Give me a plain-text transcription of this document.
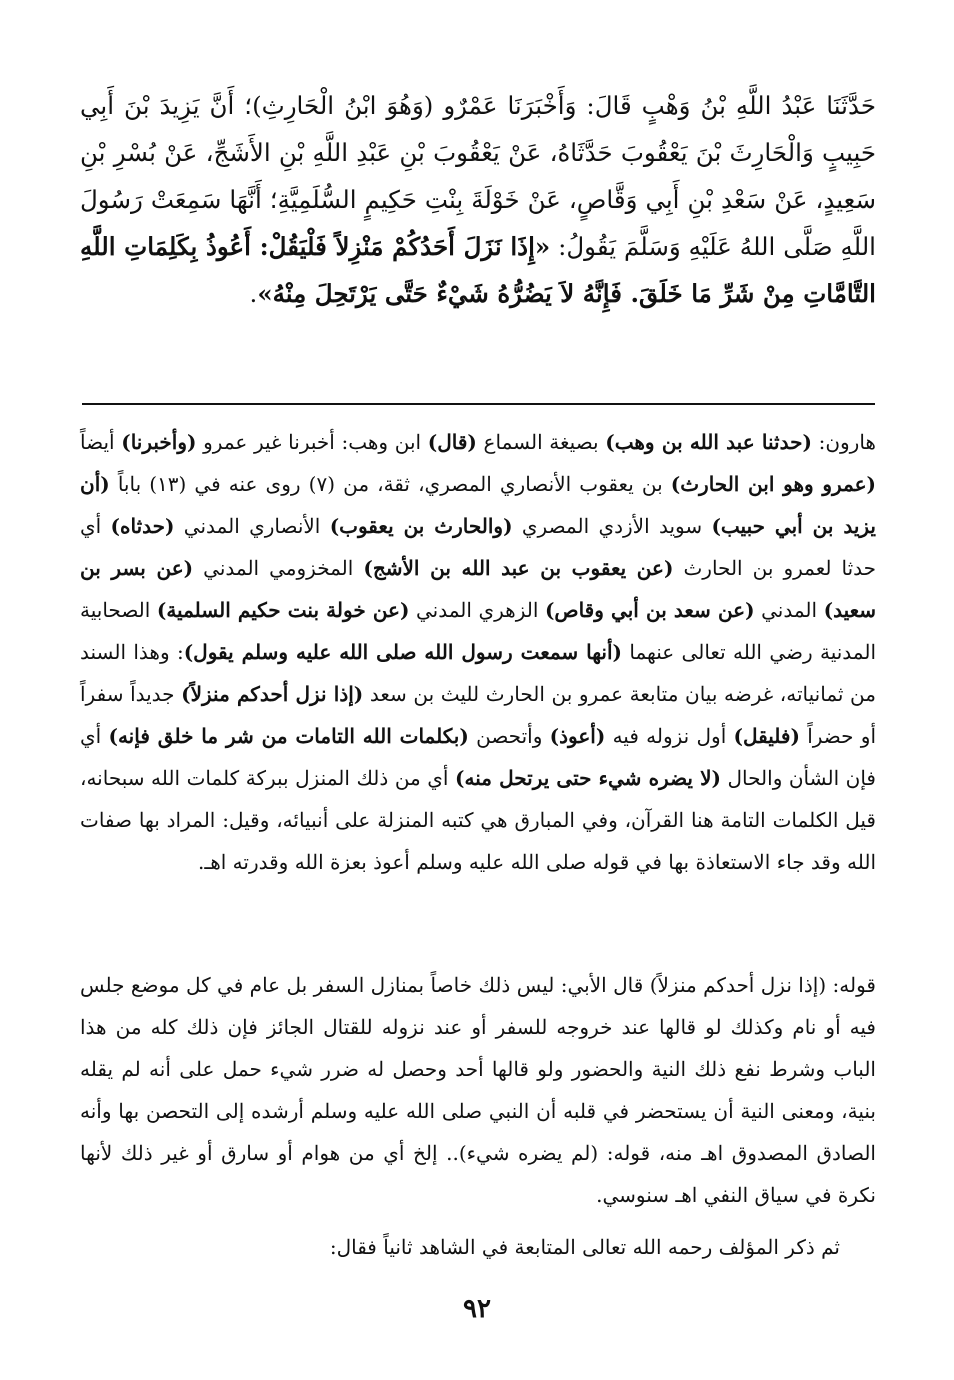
حَدَّثَنَا عَبْدُ اللَّهِ بْنُ وَهْبٍ قَالَ: وَأَخْبَرَنَا عَمْرٌو (وَهُوَ ابْنُ الْحَارِثِ)؛ أَنَّ يَزِيدَ بْنَ أَبِي حَبِيبٍ وَالْحَارِثَ بْنَ يَعْقُوبَ حَدَّثَاهُ، عَنْ يَعْقُوبَ بْنِ عَبْدِ اللَّهِ بْنِ الأَشَجِّ، عَنْ بُسْرِ بْنِ سَعِيدٍ، عَنْ سَعْدِ بْنِ أَبِي وَقَّاصٍ، عَنْ خَوْلَةَ بِنْتِ حَكِيمٍ السُّلَمِيَّةِ؛ أَنَّهَا سَمِعَتْ رَسُولَ اللَّهِ صَلَّى اللهُ عَلَيْهِ وَسَلَّمَ يَقُولُ: «إِذَا نَزَلَ أَحَدُكُمْ مَنْزِلاً فَلْيَقُلْ: أَعُوذُ بِكَلِمَاتِ اللَّهِ التَّامَّاتِ مِنْ شَرِّ مَا خَلَقَ. فَإِنَّهُ لاَ يَضُرُّهُ شَيْءٌ حَتَّى يَرْتَحِلَ مِنْهُ».
هارون: (حدثنا عبد الله بن وهب) بصيغة السماع (قال) ابن وهب: أخبرنا غير عمرو (وأخبرنا) أيضاً (عمرو وهو ابن الحارث) بن يعقوب الأنصاري المصري، ثقة، من (٧) روى عنه في (١٣) باباً (أن يزيد بن أبي حبيب) سويد الأزدي المصري (والحارث بن يعقوب) الأنصاري المدني (حدثاه) أي حدثا لعمرو بن الحارث (عن يعقوب بن عبد الله بن الأشج) المخزومي المدني (عن بسر بن سعيد) المدني (عن سعد بن أبي وقاص) الزهري المدني (عن خولة بنت حكيم السلمية) الصحابية المدنية رضي الله تعالى عنهما (أنها سمعت رسول الله صلى الله عليه وسلم يقول): وهذا السند من ثمانياته، غرضه بيان متابعة عمرو بن الحارث لليث بن سعد (إذا نزل أحدكم منزلاً) جديداً سفراً أو حضراً (فليقل) أول نزوله فيه (أعوذ) وأتحصن (بكلمات الله التامات من شر ما خلق فإنه) أي فإن الشأن والحال (لا يضره شيء حتى يرتحل منه) أي من ذلك المنزل ببركة كلمات الله سبحانه، قيل الكلمات التامة هنا القرآن، وفي المبارق هي كتبه المنزلة على أنبيائه، وقيل: المراد بها صفات الله وقد جاء الاستعاذة بها في قوله صلى الله عليه وسلم أعوذ بعزة الله وقدرته اهـ.
قوله: (إذا نزل أحدكم منزلاً) قال الأبي: ليس ذلك خاصاً بمنازل السفر بل عام في كل موضع جلس فيه أو نام وكذلك لو قالها عند خروجه للسفر أو عند نزوله للقتال الجائز فإن ذلك كله من هذا الباب وشرط نفع ذلك النية والحضور ولو قالها أحد وحصل له ضرر شيء حمل على أنه لم يقله بنية، ومعنى النية أن يستحضر في قلبه أن النبي صلى الله عليه وسلم أرشده إلى التحصن بها وأنه الصادق المصدوق اهـ منه، قوله: (لم يضره شيء).. إلخ أي من هوام أو سارق أو غير ذلك لأنها نكرة في سياق النفي اهـ سنوسي.
ثم ذكر المؤلف رحمه الله تعالى المتابعة في الشاهد ثانياً فقال:
٩٢
